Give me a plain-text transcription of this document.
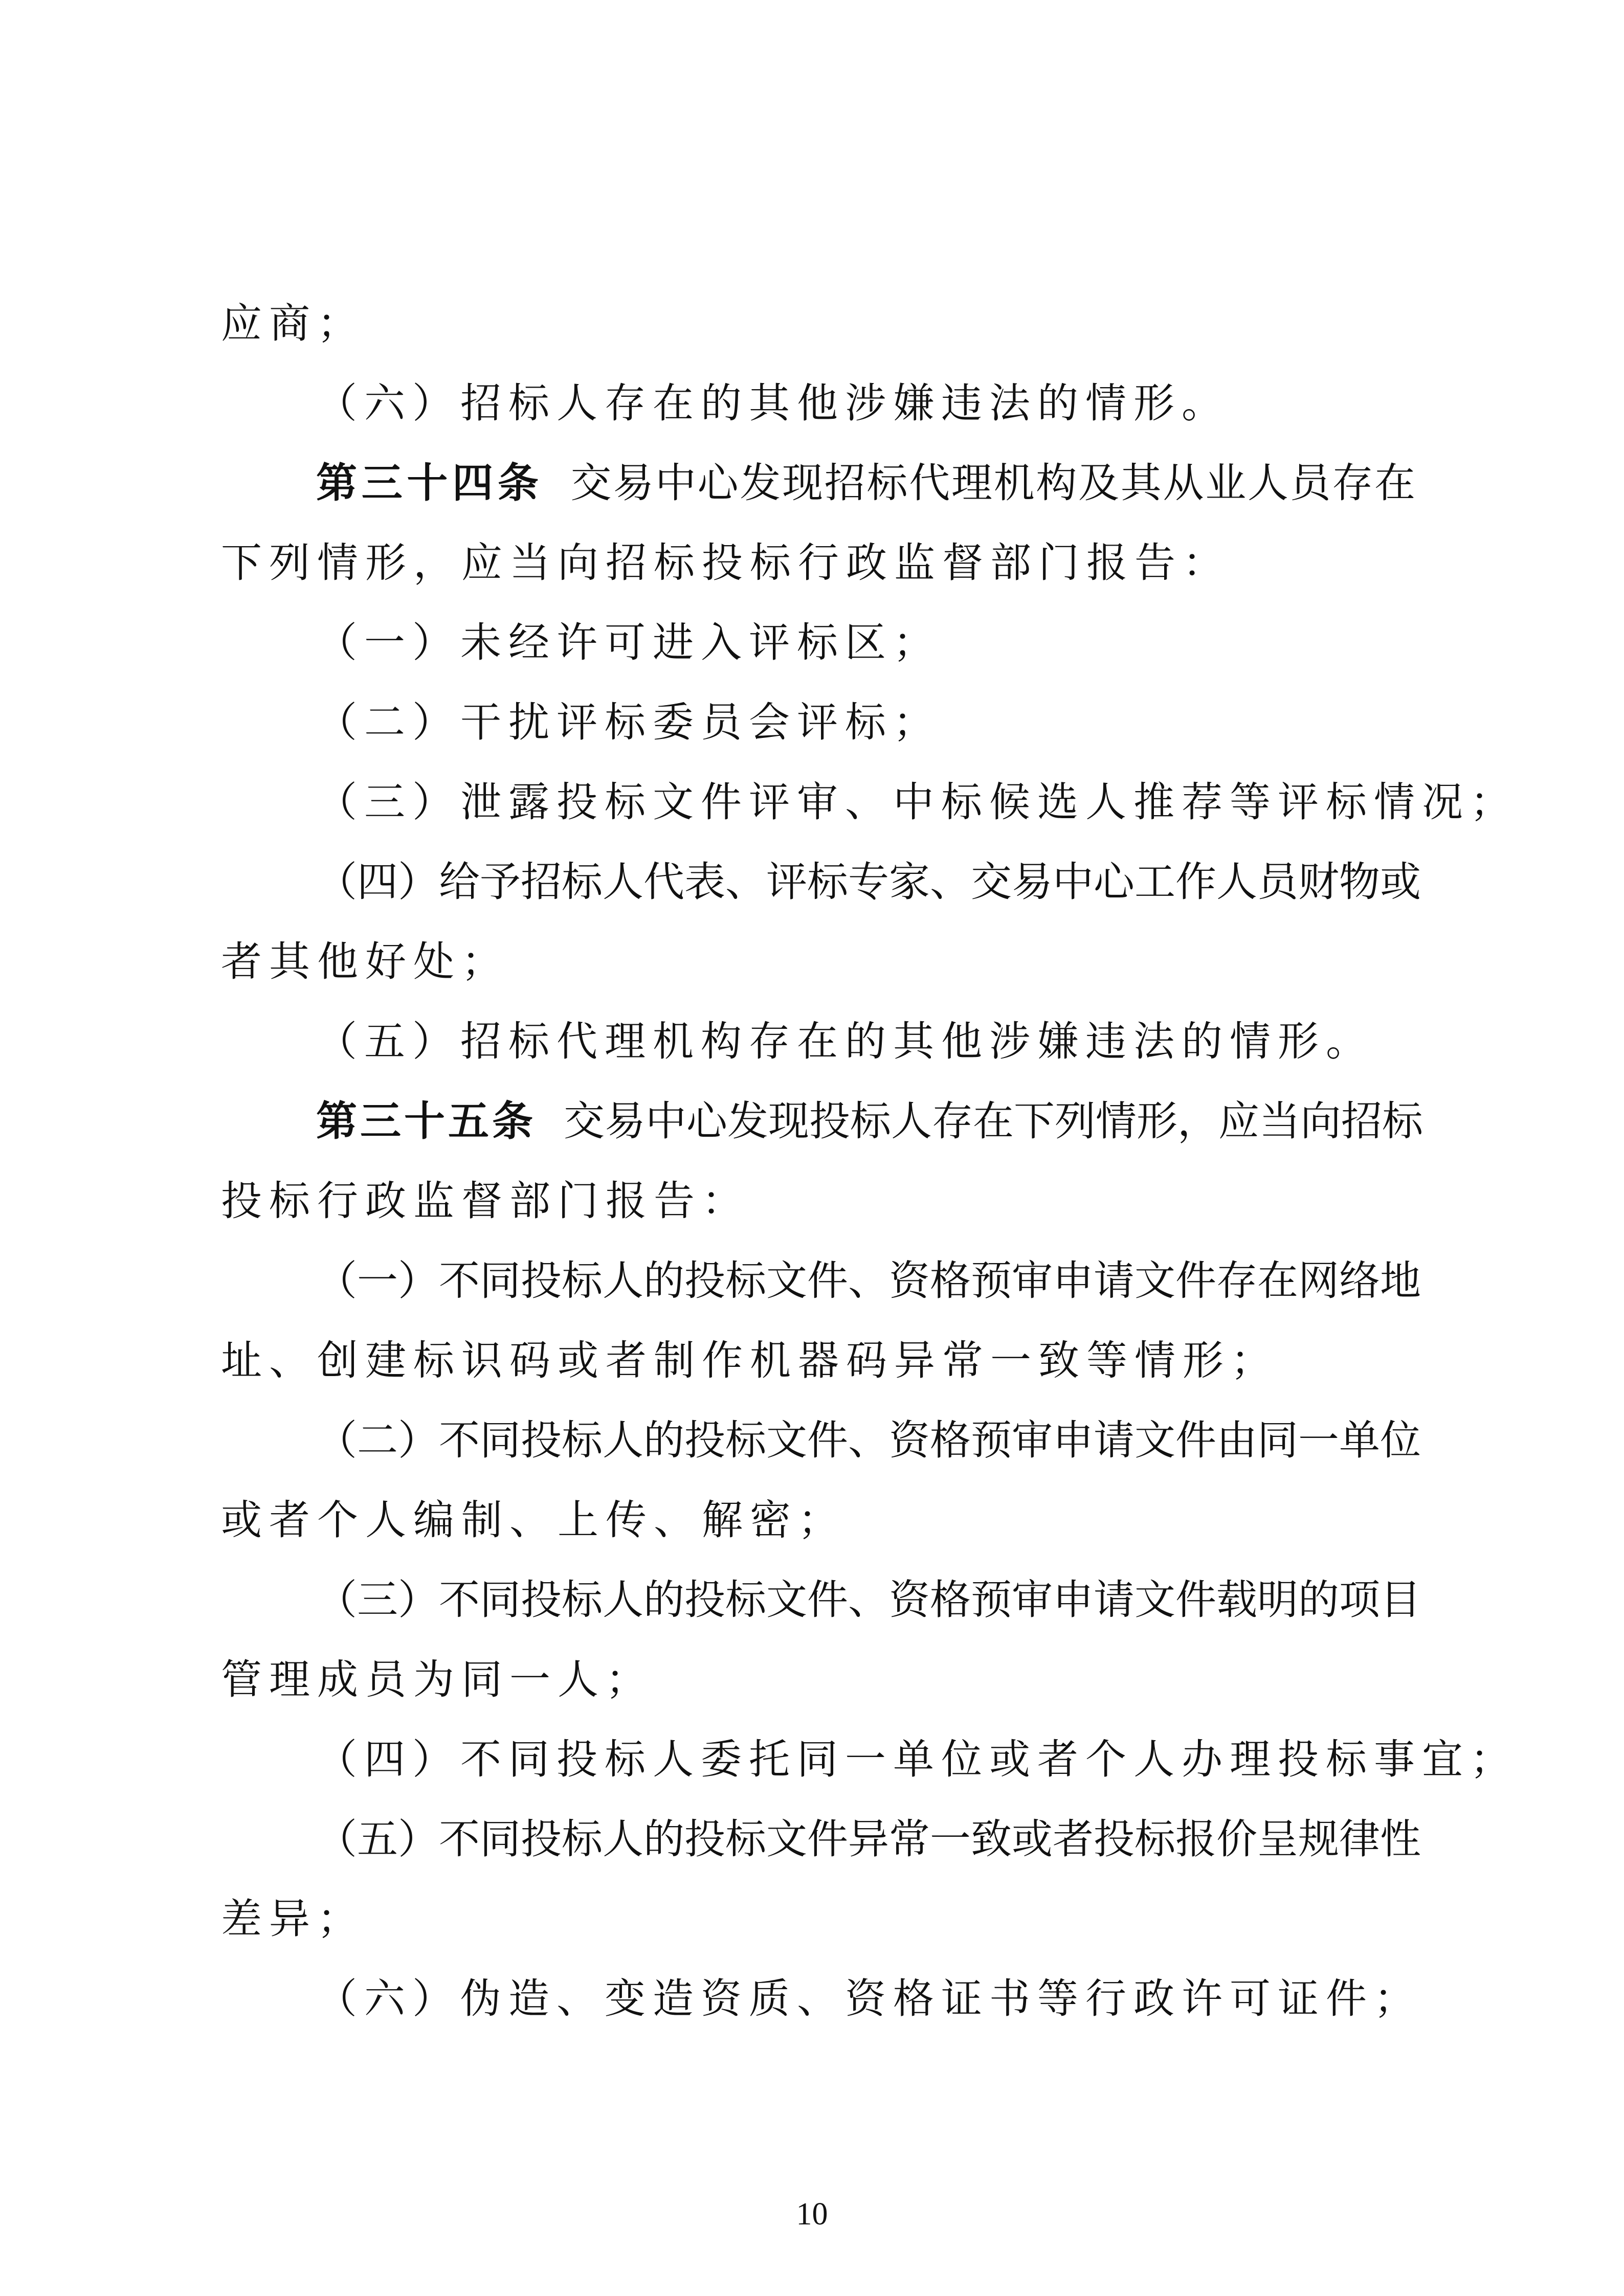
应商；
（六）招标人存在的其他涉嫌违法的情形。
第三十四条 交易中心发现招标代理机构及其从业人员存在
下列情形，应当向招标投标行政监督部门报告：
（一）未经许可进入评标区；
（二）干扰评标委员会评标；
（三）泄露投标文件评审、中标候选人推荐等评标情况；
（四）给予招标人代表、评标专家、交易中心工作人员财物或
者其他好处；
（五）招标代理机构存在的其他涉嫌违法的情形。
第三十五条 交易中心发现投标人存在下列情形，应当向招标
投标行政监督部门报告：
（一）不同投标人的投标文件、资格预审申请文件存在网络地
址、创建标识码或者制作机器码异常一致等情形；
（二）不同投标人的投标文件、资格预审申请文件由同一单位
或者个人编制、上传、解密；
（三）不同投标人的投标文件、资格预审申请文件载明的项目
管理成员为同一人；
（四）不同投标人委托同一单位或者个人办理投标事宜；
（五）不同投标人的投标文件异常一致或者投标报价呈规律性
差异；
（六）伪造、变造资质、资格证书等行政许可证件；
10
